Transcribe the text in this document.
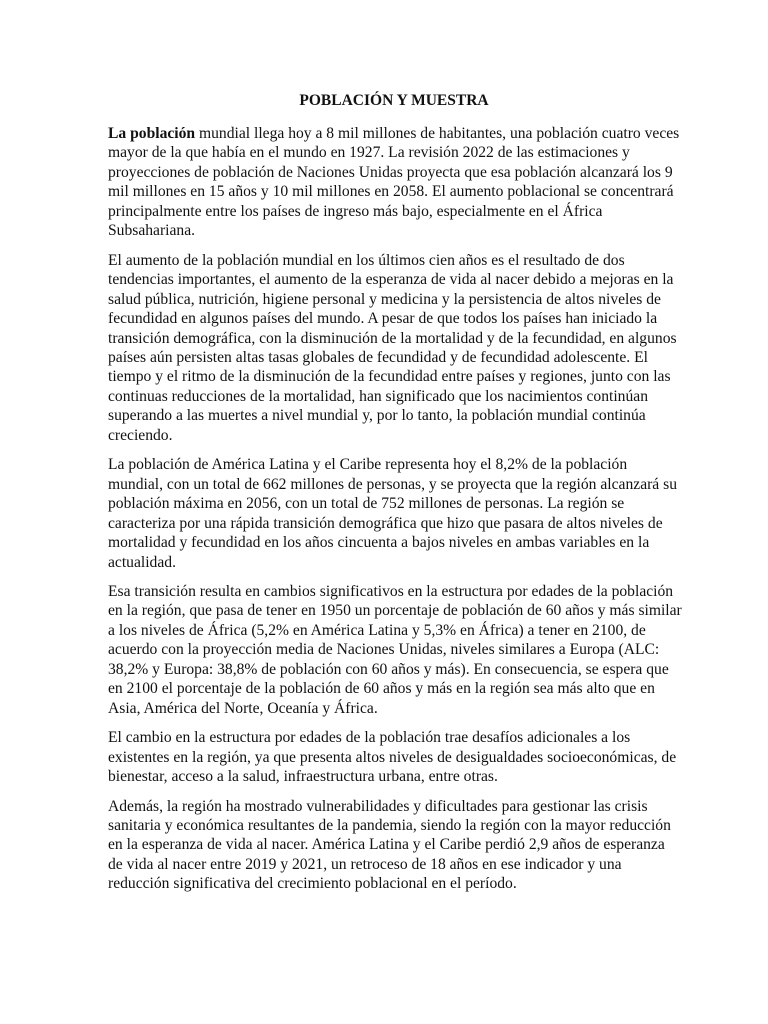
POBLACIÓN Y MUESTRA

La población mundial llega hoy a 8 mil millones de habitantes, una población cuatro veces
mayor de la que había en el mundo en 1927. La revisión 2022 de las estimaciones y
proyecciones de población de Naciones Unidas proyecta que esa población alcanzará los 9
mil millones en 15 años y 10 mil millones en 2058. El aumento poblacional se concentrará
principalmente entre los países de ingreso más bajo, especialmente en el África
Subsahariana.

El aumento de la población mundial en los últimos cien años es el resultado de dos
tendencias importantes, el aumento de la esperanza de vida al nacer debido a mejoras en la
salud pública, nutrición, higiene personal y medicina y la persistencia de altos niveles de
fecundidad en algunos países del mundo. A pesar de que todos los países han iniciado la
transición demográfica, con la disminución de la mortalidad y de la fecundidad, en algunos
países aún persisten altas tasas globales de fecundidad y de fecundidad adolescente. El
tiempo y el ritmo de la disminución de la fecundidad entre países y regiones, junto con las
continuas reducciones de la mortalidad, han significado que los nacimientos continúan
superando a las muertes a nivel mundial y, por lo tanto, la población mundial continúa
creciendo.

La población de América Latina y el Caribe representa hoy el 8,2% de la población
mundial, con un total de 662 millones de personas, y se proyecta que la región alcanzará su
población máxima en 2056, con un total de 752 millones de personas. La región se
caracteriza por una rápida transición demográfica que hizo que pasara de altos niveles de
mortalidad y fecundidad en los años cincuenta a bajos niveles en ambas variables en la
actualidad.

Esa transición resulta en cambios significativos en la estructura por edades de la población
en la región, que pasa de tener en 1950 un porcentaje de población de 60 años y más similar
a los niveles de África (5,2% en América Latina y 5,3% en África) a tener en 2100, de
acuerdo con la proyección media de Naciones Unidas, niveles similares a Europa (ALC:
38,2% y Europa: 38,8% de población con 60 años y más). En consecuencia, se espera que
en 2100 el porcentaje de la población de 60 años y más en la región sea más alto que en
Asia, América del Norte, Oceanía y África.

El cambio en la estructura por edades de la población trae desafíos adicionales a los
existentes en la región, ya que presenta altos niveles de desigualdades socioeconómicas, de
bienestar, acceso a la salud, infraestructura urbana, entre otras.

Además, la región ha mostrado vulnerabilidades y dificultades para gestionar las crisis
sanitaria y económica resultantes de la pandemia, siendo la región con la mayor reducción
en la esperanza de vida al nacer. América Latina y el Caribe perdió 2,9 años de esperanza
de vida al nacer entre 2019 y 2021, un retroceso de 18 años en ese indicador y una
reducción significativa del crecimiento poblacional en el período.
